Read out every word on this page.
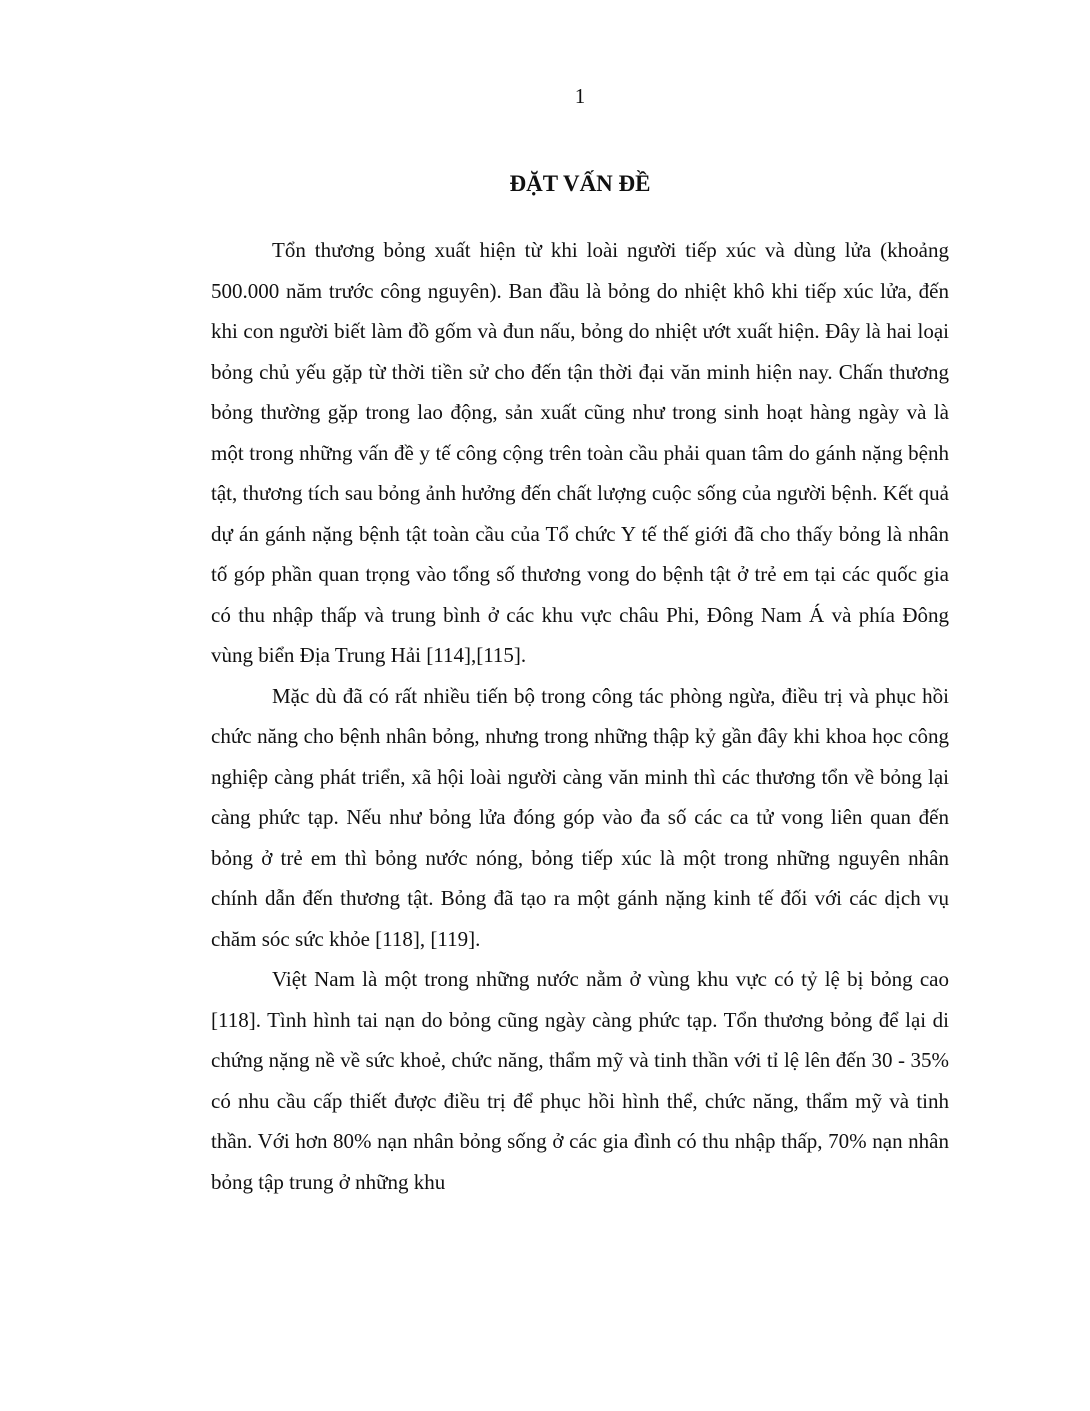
1
ĐẶT VẤN ĐỀ

Tổn thương bỏng xuất hiện từ khi loài người tiếp xúc và dùng lửa (khoảng 500.000 năm trước công nguyên). Ban đầu là bỏng do nhiệt khô khi tiếp xúc lửa, đến khi con người biết làm đồ gốm và đun nấu, bỏng do nhiệt ướt xuất hiện. Đây là hai loại bỏng chủ yếu gặp từ thời tiền sử cho đến tận thời đại văn minh hiện nay. Chấn thương bỏng thường gặp trong lao động, sản xuất cũng như trong sinh hoạt hàng ngày và là một trong những vấn đề y tế công cộng trên toàn cầu phải quan tâm do gánh nặng bệnh tật, thương tích sau bỏng ảnh hưởng đến chất lượng cuộc sống của người bệnh. Kết quả dự án gánh nặng bệnh tật toàn cầu của Tổ chức Y tế thế giới đã cho thấy bỏng là nhân tố góp phần quan trọng vào tổng số thương vong do bệnh tật ở trẻ em tại các quốc gia có thu nhập thấp và trung bình ở các khu vực châu Phi, Đông Nam Á và phía Đông vùng biển Địa Trung Hải [114],[115].

Mặc dù đã có rất nhiều tiến bộ trong công tác phòng ngừa, điều trị và phục hồi chức năng cho bệnh nhân bỏng, nhưng trong những thập kỷ gần đây khi khoa học công nghiệp càng phát triển, xã hội loài người càng văn minh thì các thương tổn về bỏng lại càng phức tạp. Nếu như bỏng lửa đóng góp vào đa số các ca tử vong liên quan đến bỏng ở trẻ em thì bỏng nước nóng, bỏng tiếp xúc là một trong những nguyên nhân chính dẫn đến thương tật. Bỏng đã tạo ra một gánh nặng kinh tế đối với các dịch vụ chăm sóc sức khỏe [118], [119].

Việt Nam là một trong những nước nằm ở vùng khu vực có tỷ lệ bị bỏng cao [118]. Tình hình tai nạn do bỏng cũng ngày càng phức tạp. Tổn thương bỏng để lại di chứng nặng nề về sức khoẻ, chức năng, thẩm mỹ và tinh thần với tỉ lệ lên đến 30 - 35% có nhu cầu cấp thiết được điều trị để phục hồi hình thể, chức năng, thẩm mỹ và tinh thần. Với hơn 80% nạn nhân bỏng sống ở các gia đình có thu nhập thấp, 70% nạn nhân bỏng tập trung ở những khu
